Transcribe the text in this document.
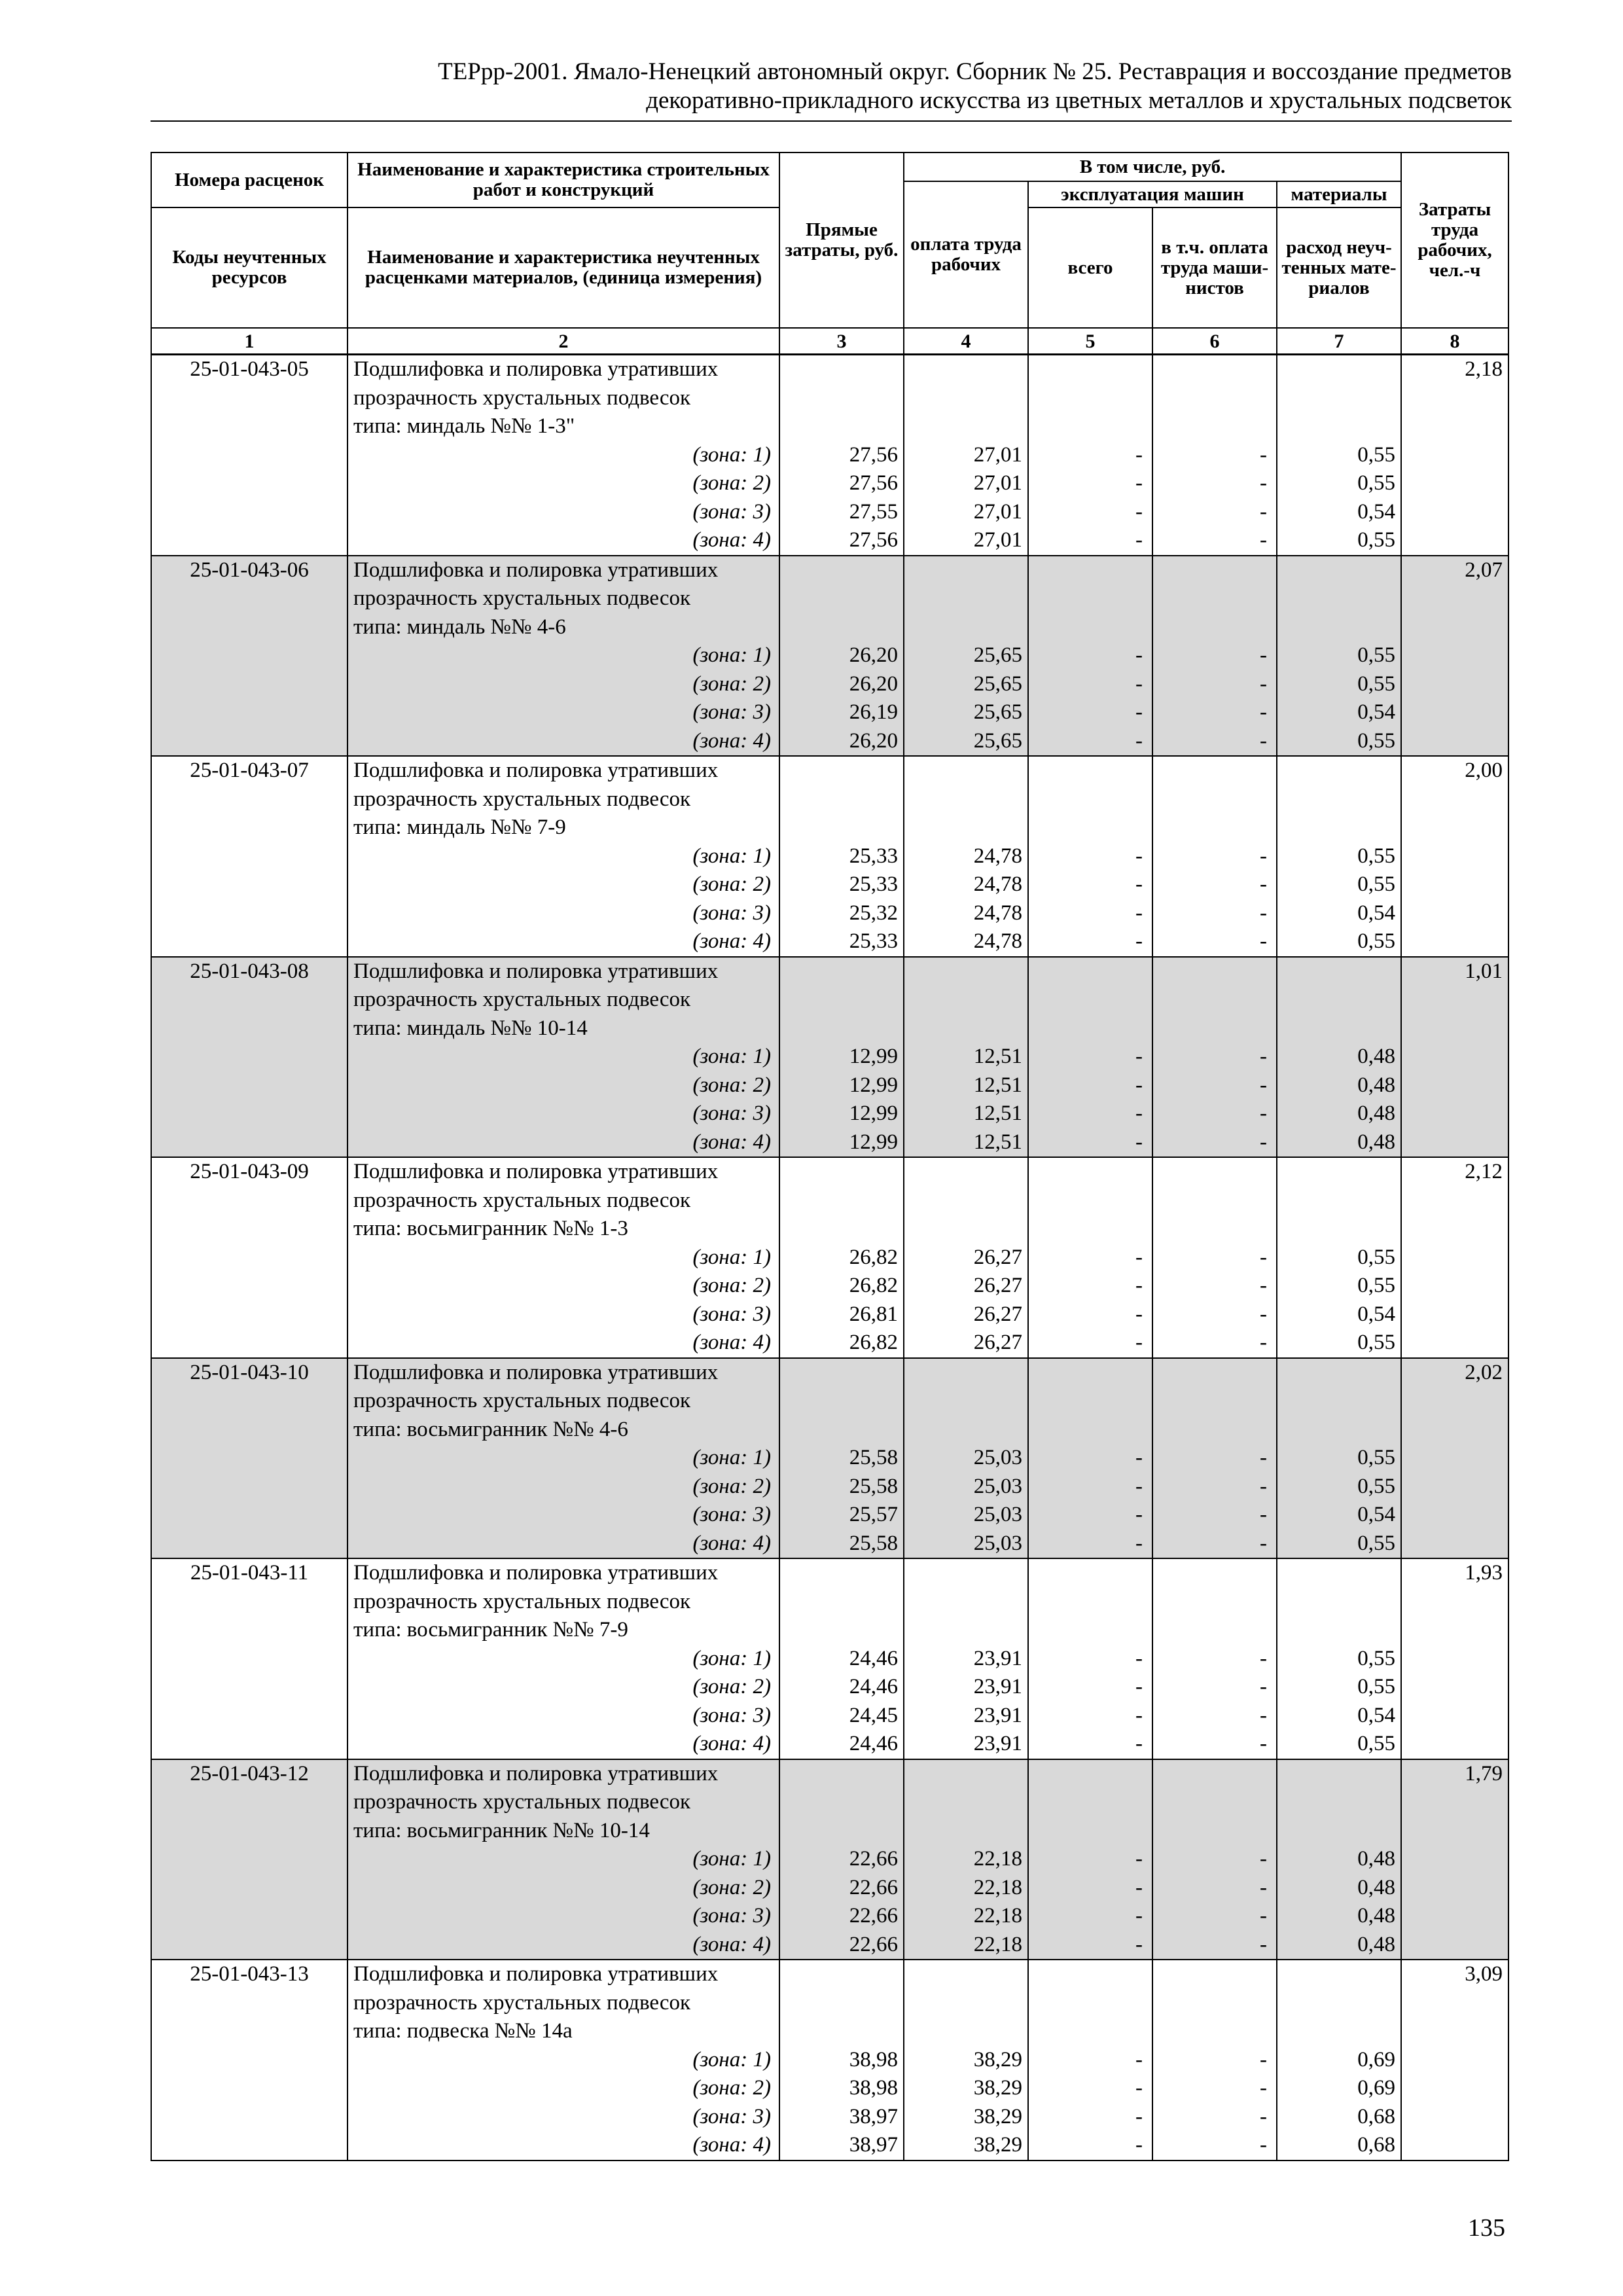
ТЕРрр-2001. Ямало-Ненецкий автономный округ. Сборник № 25. Реставрация и воссоздание предметов
декоративно-прикладного искусства из цветных металлов и хрустальных подсветок
Номера расценок	Наименование и характеристика строительных работ и конструкций	Прямые затраты, руб.	В том числе, руб.				Затраты труда рабочих, чел.-ч
			оплата труда рабочих	эксплуатация машин		материалы	
Коды неучтенных ресурсов	Наименование и характеристика неучтенных расценками материалов, (единица измерения)			всего	в т.ч. оплата труда маши-нистов	расход неуч-тенных мате-риалов	

1	2	3	4	5	6	7	8
25-01-043-05	Подшлифовка и полировка утративших						2,18
	прозрачность хрустальных подвесок						
	типа: миндаль №№ 1-3"						
	(зона: 1)	27,56	27,01	-	-	0,55	
	(зона: 2)	27,56	27,01	-	-	0,55	
	(зона: 3)	27,55	27,01	-	-	0,54	
	(зона: 4)	27,56	27,01	-	-	0,55	
25-01-043-06	Подшлифовка и полировка утративших						2,07
	прозрачность хрустальных подвесок						
	типа: миндаль №№ 4-6						
	(зона: 1)	26,20	25,65	-	-	0,55	
	(зона: 2)	26,20	25,65	-	-	0,55	
	(зона: 3)	26,19	25,65	-	-	0,54	
	(зона: 4)	26,20	25,65	-	-	0,55	
25-01-043-07	Подшлифовка и полировка утративших						2,00
	прозрачность хрустальных подвесок						
	типа: миндаль №№ 7-9						
	(зона: 1)	25,33	24,78	-	-	0,55	
	(зона: 2)	25,33	24,78	-	-	0,55	
	(зона: 3)	25,32	24,78	-	-	0,54	
	(зона: 4)	25,33	24,78	-	-	0,55	
25-01-043-08	Подшлифовка и полировка утративших						1,01
	прозрачность хрустальных подвесок						
	типа: миндаль №№ 10-14						
	(зона: 1)	12,99	12,51	-	-	0,48	
	(зона: 2)	12,99	12,51	-	-	0,48	
	(зона: 3)	12,99	12,51	-	-	0,48	
	(зона: 4)	12,99	12,51	-	-	0,48	
25-01-043-09	Подшлифовка и полировка утративших						2,12
	прозрачность хрустальных подвесок						
	типа: восьмигранник №№ 1-3						
	(зона: 1)	26,82	26,27	-	-	0,55	
	(зона: 2)	26,82	26,27	-	-	0,55	
	(зона: 3)	26,81	26,27	-	-	0,54	
	(зона: 4)	26,82	26,27	-	-	0,55	
25-01-043-10	Подшлифовка и полировка утративших						2,02
	прозрачность хрустальных подвесок						
	типа: восьмигранник №№ 4-6						
	(зона: 1)	25,58	25,03	-	-	0,55	
	(зона: 2)	25,58	25,03	-	-	0,55	
	(зона: 3)	25,57	25,03	-	-	0,54	
	(зона: 4)	25,58	25,03	-	-	0,55	
25-01-043-11	Подшлифовка и полировка утративших						1,93
	прозрачность хрустальных подвесок						
	типа: восьмигранник №№ 7-9						
	(зона: 1)	24,46	23,91	-	-	0,55	
	(зона: 2)	24,46	23,91	-	-	0,55	
	(зона: 3)	24,45	23,91	-	-	0,54	
	(зона: 4)	24,46	23,91	-	-	0,55	
25-01-043-12	Подшлифовка и полировка утративших						1,79
	прозрачность хрустальных подвесок						
	типа: восьмигранник №№ 10-14						
	(зона: 1)	22,66	22,18	-	-	0,48	
	(зона: 2)	22,66	22,18	-	-	0,48	
	(зона: 3)	22,66	22,18	-	-	0,48	
	(зона: 4)	22,66	22,18	-	-	0,48	
25-01-043-13	Подшлифовка и полировка утративших						3,09
	прозрачность хрустальных подвесок						
	типа: подвеска №№ 14а						
	(зона: 1)	38,98	38,29	-	-	0,69	
	(зона: 2)	38,98	38,29	-	-	0,69	
	(зона: 3)	38,97	38,29	-	-	0,68	
	(зона: 4)	38,97	38,29	-	-	0,68	
135
